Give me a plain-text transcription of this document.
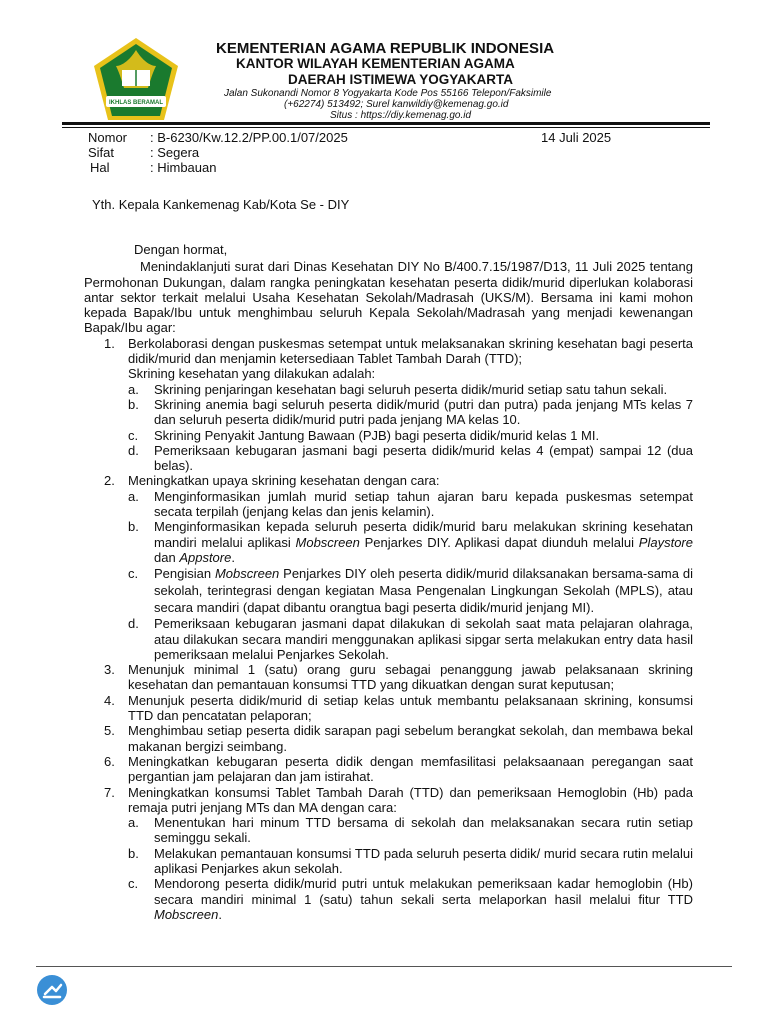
IKHLAS BERAMAL
KEMENTERIAN AGAMA REPUBLIK INDONESIA
KANTOR WILAYAH KEMENTERIAN AGAMA
DAERAH ISTIMEWA YOGYAKARTA
Jalan Sukonandi Nomor 8 Yogyakarta Kode Pos 55166 Telepon/Faksimile
(+62274) 513492; Surel kanwildiy@kemenag.go.id
Situs : https://diy.kemenag.go.id
Nomor : B-6230/Kw.12.2/PP.00.1/07/2025	14 Juli 2025
Sifat	: Segera
Hal	: Himbauan
Yth. Kepala Kankemenag Kab/Kota Se - DIY

Dengan hormat,

Menindaklanjuti surat dari Dinas Kesehatan DIY No B/400.7.15/1987/D13, 11 Juli 2025 tentang Permohonan Dukungan, dalam rangka peningkatan kesehatan peserta didik/murid diperlukan kolaborasi antar sektor terkait melalui Usaha Kesehatan Sekolah/Madrasah (UKS/M). Bersama ini kami mohon kepada Bapak/Ibu untuk menghimbau seluruh Kepala Sekolah/Madrasah yang menjadi kewenangan Bapak/Ibu agar:

1. Berkolaborasi dengan puskesmas setempat untuk melaksanakan skrining kesehatan bagi peserta didik/murid dan menjamin ketersediaan Tablet Tambah Darah (TTD);

Skrining kesehatan yang dilakukan adalah:

a. Skrining penjaringan kesehatan bagi seluruh peserta didik/murid setiap satu tahun sekali.
b. Skrining anemia bagi seluruh peserta didik/murid (putri dan putra) pada jenjang MTs kelas 7 dan seluruh peserta didik/murid putri pada jenjang MA kelas 10.
c. Skrining Penyakit Jantung Bawaan (PJB) bagi peserta didik/murid kelas 1 MI.
d. Pemeriksaan kebugaran jasmani bagi peserta didik/murid kelas 4 (empat) sampai 12 (dua belas).
2. Meningkatkan upaya skrining kesehatan dengan cara:

a. Menginformasikan jumlah murid setiap tahun ajaran baru kepada puskesmas setempat secata terpilah (jenjang kelas dan jenis kelamin).
b. Menginformasikan kepada seluruh peserta didik/murid baru melakukan skrining kesehatan mandiri melalui aplikasi Mobscreen Penjarkes DIY. Aplikasi dapat diunduh melalui Playstore dan Appstore.
c. Pengisian Mobscreen Penjarkes DIY oleh peserta didik/murid dilaksanakan bersama-sama di sekolah, terintegrasi dengan kegiatan Masa Pengenalan Lingkungan Sekolah (MPLS), atau secara mandiri (dapat dibantu orangtua bagi peserta didik/murid jenjang MI).
d. Pemeriksaan kebugaran jasmani dapat dilakukan di sekolah saat mata pelajaran olahraga, atau dilakukan secara mandiri menggunakan aplikasi sipgar serta melakukan entry data hasil pemeriksaan melalui Penjarkes Sekolah.
3. Menunjuk minimal 1 (satu) orang guru sebagai penanggung jawab pelaksanaan skrining kesehatan dan pemantauan konsumsi TTD yang dikuatkan dengan surat keputusan;

4. Menunjuk peserta didik/murid di setiap kelas untuk membantu pelaksanaan skrining, konsumsi TTD dan pencatatan pelaporan;

5. Menghimbau setiap peserta didik sarapan pagi sebelum berangkat sekolah, dan membawa bekal makanan bergizi seimbang.

6. Meningkatkan kebugaran peserta didik dengan memfasilitasi pelaksaanaan peregangan saat pergantian jam pelajaran dan jam istirahat.

7. Meningkatkan konsumsi Tablet Tambah Darah (TTD) dan pemeriksaan Hemoglobin (Hb) pada remaja putri jenjang MTs dan MA dengan cara:

a. Menentukan hari minum TTD bersama di sekolah dan melaksanakan secara rutin setiap seminggu sekali.
b. Melakukan pemantauan konsumsi TTD pada seluruh peserta didik/ murid secara rutin melalui aplikasi Penjarkes akun sekolah.
c. Mendorong peserta didik/murid putri untuk melakukan pemeriksaan kadar hemoglobin (Hb) secara mandiri minimal 1 (satu) tahun sekali serta melaporkan hasil melalui fitur TTD Mobscreen.
